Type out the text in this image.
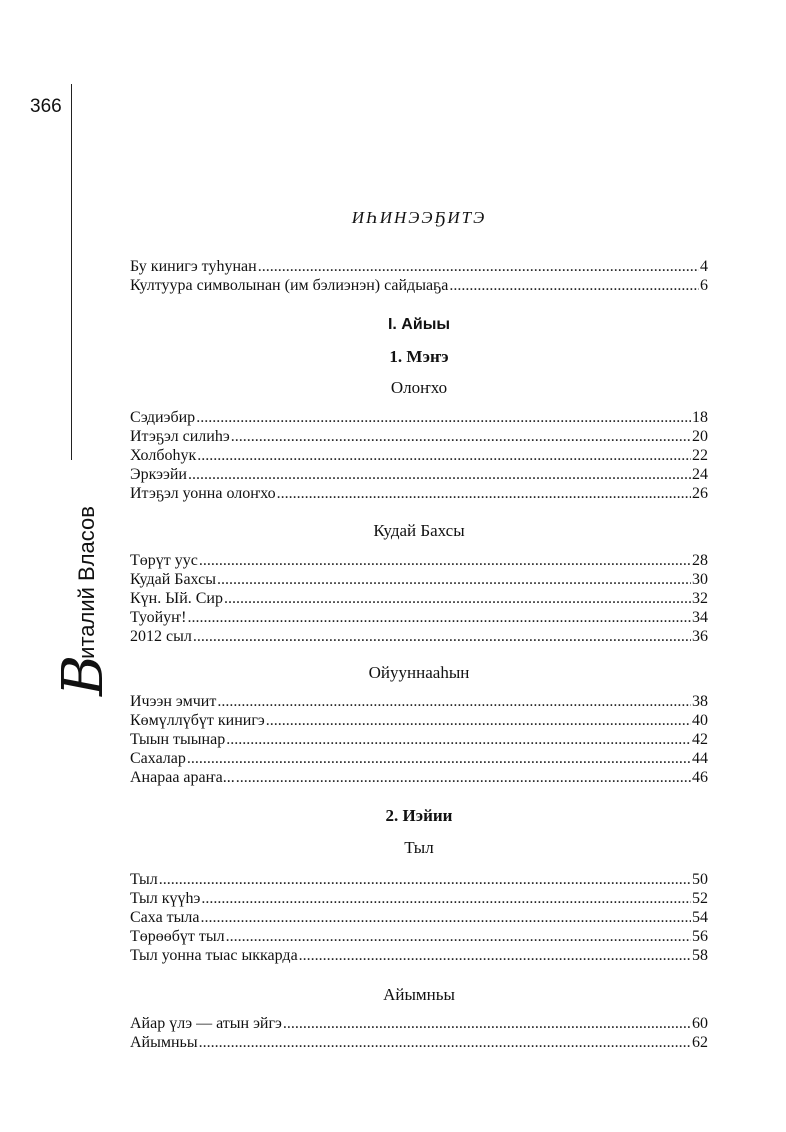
366
В
италий Власов
ИҺИНЭЭҔИТЭ
Бу кинигэ туһунан .....	4
Култуура символынан (им бэлиэнэн) сайдыаҕа .....	6
I. Айыы
1. Мэҥэ
Олоҥхо
Сэдиэбир .....	18
Итэҕэл силиһэ .....	20
Холбоһук .....	22
Эркээйи .....	24
Итэҕэл уонна олоҥхо .....	26
Кудай Бахсы
Төрүт уус .....	28
Кудай Бахсы .....	30
Күн. Ый. Сир .....	32
Туойуҥ! .....	34
2012 сыл .....	36
Ойууннааһын
Ичээн эмчит .....	38
Көмүллүбүт кинигэ .....	40
Тыын тыынар .....	42
Сахалар .....	44
Анараа араҥа... .....	46
2. Иэйии
Тыл
Тыл .....	50
Тыл күүһэ .....	52
Саха тыла .....	54
Төрөөбүт тыл .....	56
Тыл уонна тыас ыккарда .....	58
Айымньы
Айар үлэ — атын эйгэ .....	60
Айымньы .....	62
